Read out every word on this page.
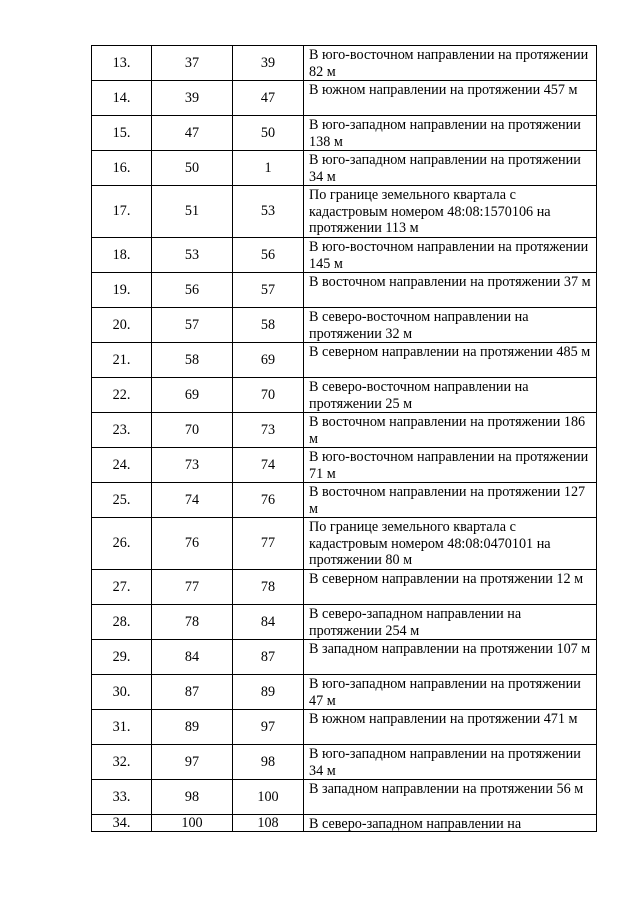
13.	37	39	В юго-восточном направлении на протяжении 82 м
14.	39	47	В южном направлении на протяжении 457 м
15.	47	50	В юго-западном направлении на протяжении 138 м
16.	50	1	В юго-западном направлении на протяжении 34 м
17.	51	53	По границе земельного квартала с кадастровым номером 48:08:1570106 на протяжении 113 м
18.	53	56	В юго-восточном направлении на протяжении 145 м
19.	56	57	В восточном направлении на протяжении 37 м
20.	57	58	В северо-восточном направлении на протяжении 32 м
21.	58	69	В северном направлении на протяжении 485 м
22.	69	70	В северо-восточном направлении на протяжении 25 м
23.	70	73	В восточном направлении на протяжении 186 м
24.	73	74	В юго-восточном направлении на протяжении 71 м
25.	74	76	В восточном направлении на протяжении 127 м
26.	76	77	По границе земельного квартала с кадастровым номером 48:08:0470101 на протяжении 80 м
27.	77	78	В северном направлении на протяжении 12 м
28.	78	84	В северо-западном направлении на протяжении 254 м
29.	84	87	В западном направлении на протяжении 107 м
30.	87	89	В юго-западном направлении на протяжении 47 м
31.	89	97	В южном направлении на протяжении 471 м
32.	97	98	В юго-западном направлении на протяжении 34 м
33.	98	100	В западном направлении на протяжении 56 м
34.	100	108	В северо-западном направлении на
